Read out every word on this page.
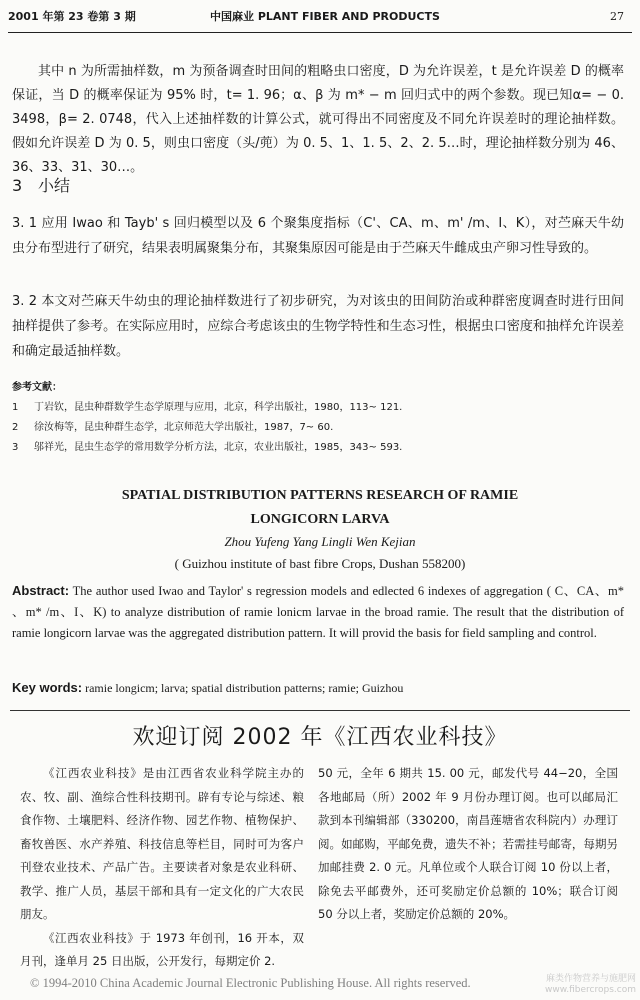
2001 年第 23 卷第 3 期	中国麻业 PLANT FIBER AND PRODUCTS	27
其中 n 为所需抽样数，m 为预备调查时田间的粗略虫口密度，D 为允许误差，t 是允许误差 D 的概率保证，当 D 的概率保证为 95% 时，t= 1. 96；α、β 为 m* − m 回归式中的两个参数。现已知α= − 0. 3498，β= 2. 0748，代入上述抽样数的计算公式，就可得出不同密度及不同允许误差时的理论抽样数。假如允许误差 D 为 0. 5，则虫口密度（头/蔸）为 0. 5、1、1. 5、2、2. 5…时，理论抽样数分别为 46、36、33、31、30…。
3 小结
3. 1 应用 Iwao 和 Tayb' s 回归模型以及 6 个聚集度指标（C'、CA、m、m' /m、I、K），对苎麻天牛幼虫分布型进行了研究，结果表明属聚集分布，其聚集原因可能是由于苎麻天牛雌成虫产卵习性导致的。
3. 2 本文对苎麻天牛幼虫的理论抽样数进行了初步研究，为对该虫的田间防治或种群密度调查时进行田间抽样提供了参考。在实际应用时，应综合考虑该虫的生物学特性和生态习性，根据虫口密度和抽样允许误差和确定最适抽样数。
参考文献：
1 丁岩钦，昆虫种群数学生态学原理与应用，北京，科学出版社，1980，113~ 121.
2 徐汝梅等，昆虫种群生态学，北京师范大学出版社，1987，7~ 60.
3 邬祥光，昆虫生态学的常用数学分析方法，北京，农业出版社，1985，343~ 593.
SPATIAL DISTRIBUTION PATTERNS RESEARCH OF RAMIE
LONGICORN LARVA
Zhou Yufeng Yang Lingli Wen Kejian
( Guizhou institute of bast fibre Crops, Dushan 558200)
Abstract: The author used Iwao and Taylor' s regression models and edlected 6 indexes of aggregation ( C、CA、m* 、m* /m、I、K) to analyze distribution of ramie lonicm larvae in the broad ramie. The result that the distribution of ramie longicorn larvae was the aggregated distribution pattern. It will provid the basis for field sampling and control.
Key words: ramie longicm; larva; spatial distribution patterns; ramie; Guizhou
欢迎订阅 2002 年《江西农业科技》

《江西农业科技》是由江西省农业科学院主办的农、牧、副、渔综合性科技期刊。辟有专论与综述、粮食作物、土壤肥料、经济作物、园艺作物、植物保护、畜牧兽医、水产养殖、科技信息等栏目，同时可为客户刊登农业技术、产品广告。主要读者对象是农业科研、教学、推广人员，基层干部和具有一定文化的广大农民朋友。

《江西农业科技》于 1973 年创刊，16 开本，双月刊，逢单月 25 日出版，公开发行，每期定价 2.

50 元，全年 6 期共 15. 00 元，邮发代号 44−20，全国各地邮局（所）2002 年 9 月份办理订阅。也可以邮局汇款到本刊编辑部（330200，南昌莲塘省农科院内）办理订阅。如邮购，平邮免费，遗失不补；若需挂号邮寄，每期另加邮挂费 2. 0 元。凡单位或个人联合订阅 10 份以上者，除免去平邮费外，还可奖励定价总额的 10%；联合订阅 50 分以上者，奖励定价总额的 20%。

© 1994-2010 China Academic Journal Electronic Publishing House. All rights reserved.	麻类作物营养与施肥网
www.fibercrops.com
